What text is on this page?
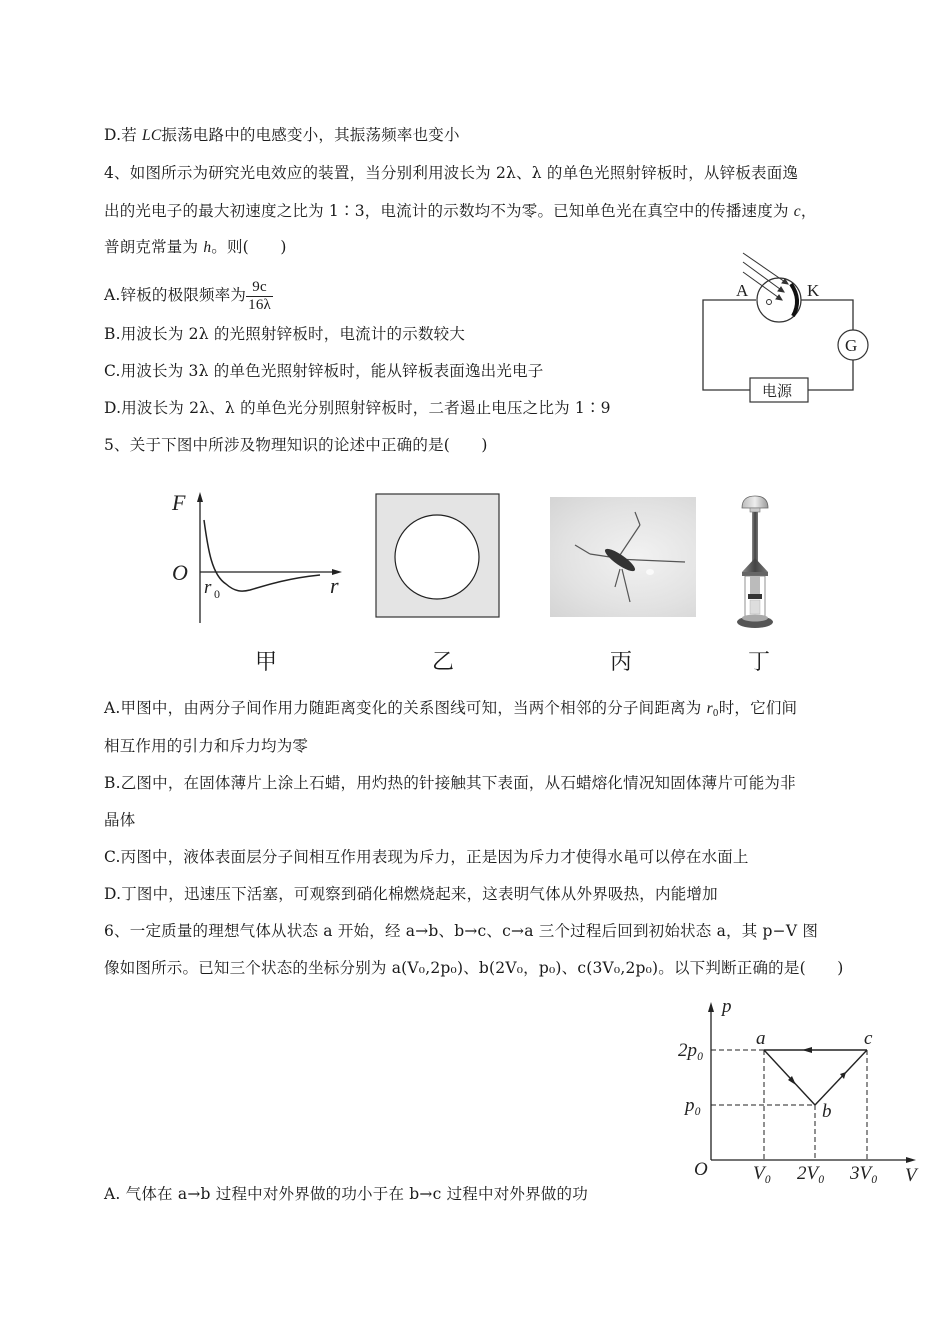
D.若 LC振荡电路中的电感变小，其振荡频率也变小
4、如图所示为研究光电效应的装置，当分别利用波长为 2λ、λ 的单色光照射锌板时，从锌板表面逸
出的光电子的最大初速度之比为 1∶3，电流计的示数均不为零。已知单色光在真空中的传播速度为 c，
普朗克常量为 h。则(　　)
A.锌板的极限频率为 $\frac{9c}{16\lambda}$
B.用波长为 2λ 的光照射锌板时，电流计的示数较大
C.用波长为 3λ 的单色光照射锌板时，能从锌板表面逸出光电子
D.用波长为 2λ、λ 的单色光分别照射锌板时，二者遏止电压之比为 1∶9
A	K
G
电源
5、关于下图中所涉及物理知识的论述中正确的是(　　)
F
O
r
r 0
甲	乙	丙	丁
A.甲图中，由两分子间作用力随距离变化的关系图线可知，当两个相邻的分子间距离为 $r_0$时，它们间
相互作用的引力和斥力均为零
B.乙图中，在固体薄片上涂上石蜡，用灼热的针接触其下表面，从石蜡熔化情况知固体薄片可能为非
晶体
C.丙图中，液体表面层分子间相互作用表现为斥力，正是因为斥力才使得水黾可以停在水面上
D.丁图中，迅速压下活塞，可观察到硝化棉燃烧起来，这表明气体从外界吸热，内能增加
6、一定质量的理想气体从状态 a 开始，经 a→b、b→c、c→a 三个过程后回到初始状态 a，其 p−V 图
像如图所示。已知三个状态的坐标分别为 a(V₀,2p₀)、b(2V₀，p₀)、c(3V₀,2p₀)。以下判断正确的是(　　)
p
V
O
2p₀
p₀
V₀ 2V₀ 3V₀
a
b
c
A. 气体在 a→b 过程中对外界做的功小于在 b→c 过程中对外界做的功
